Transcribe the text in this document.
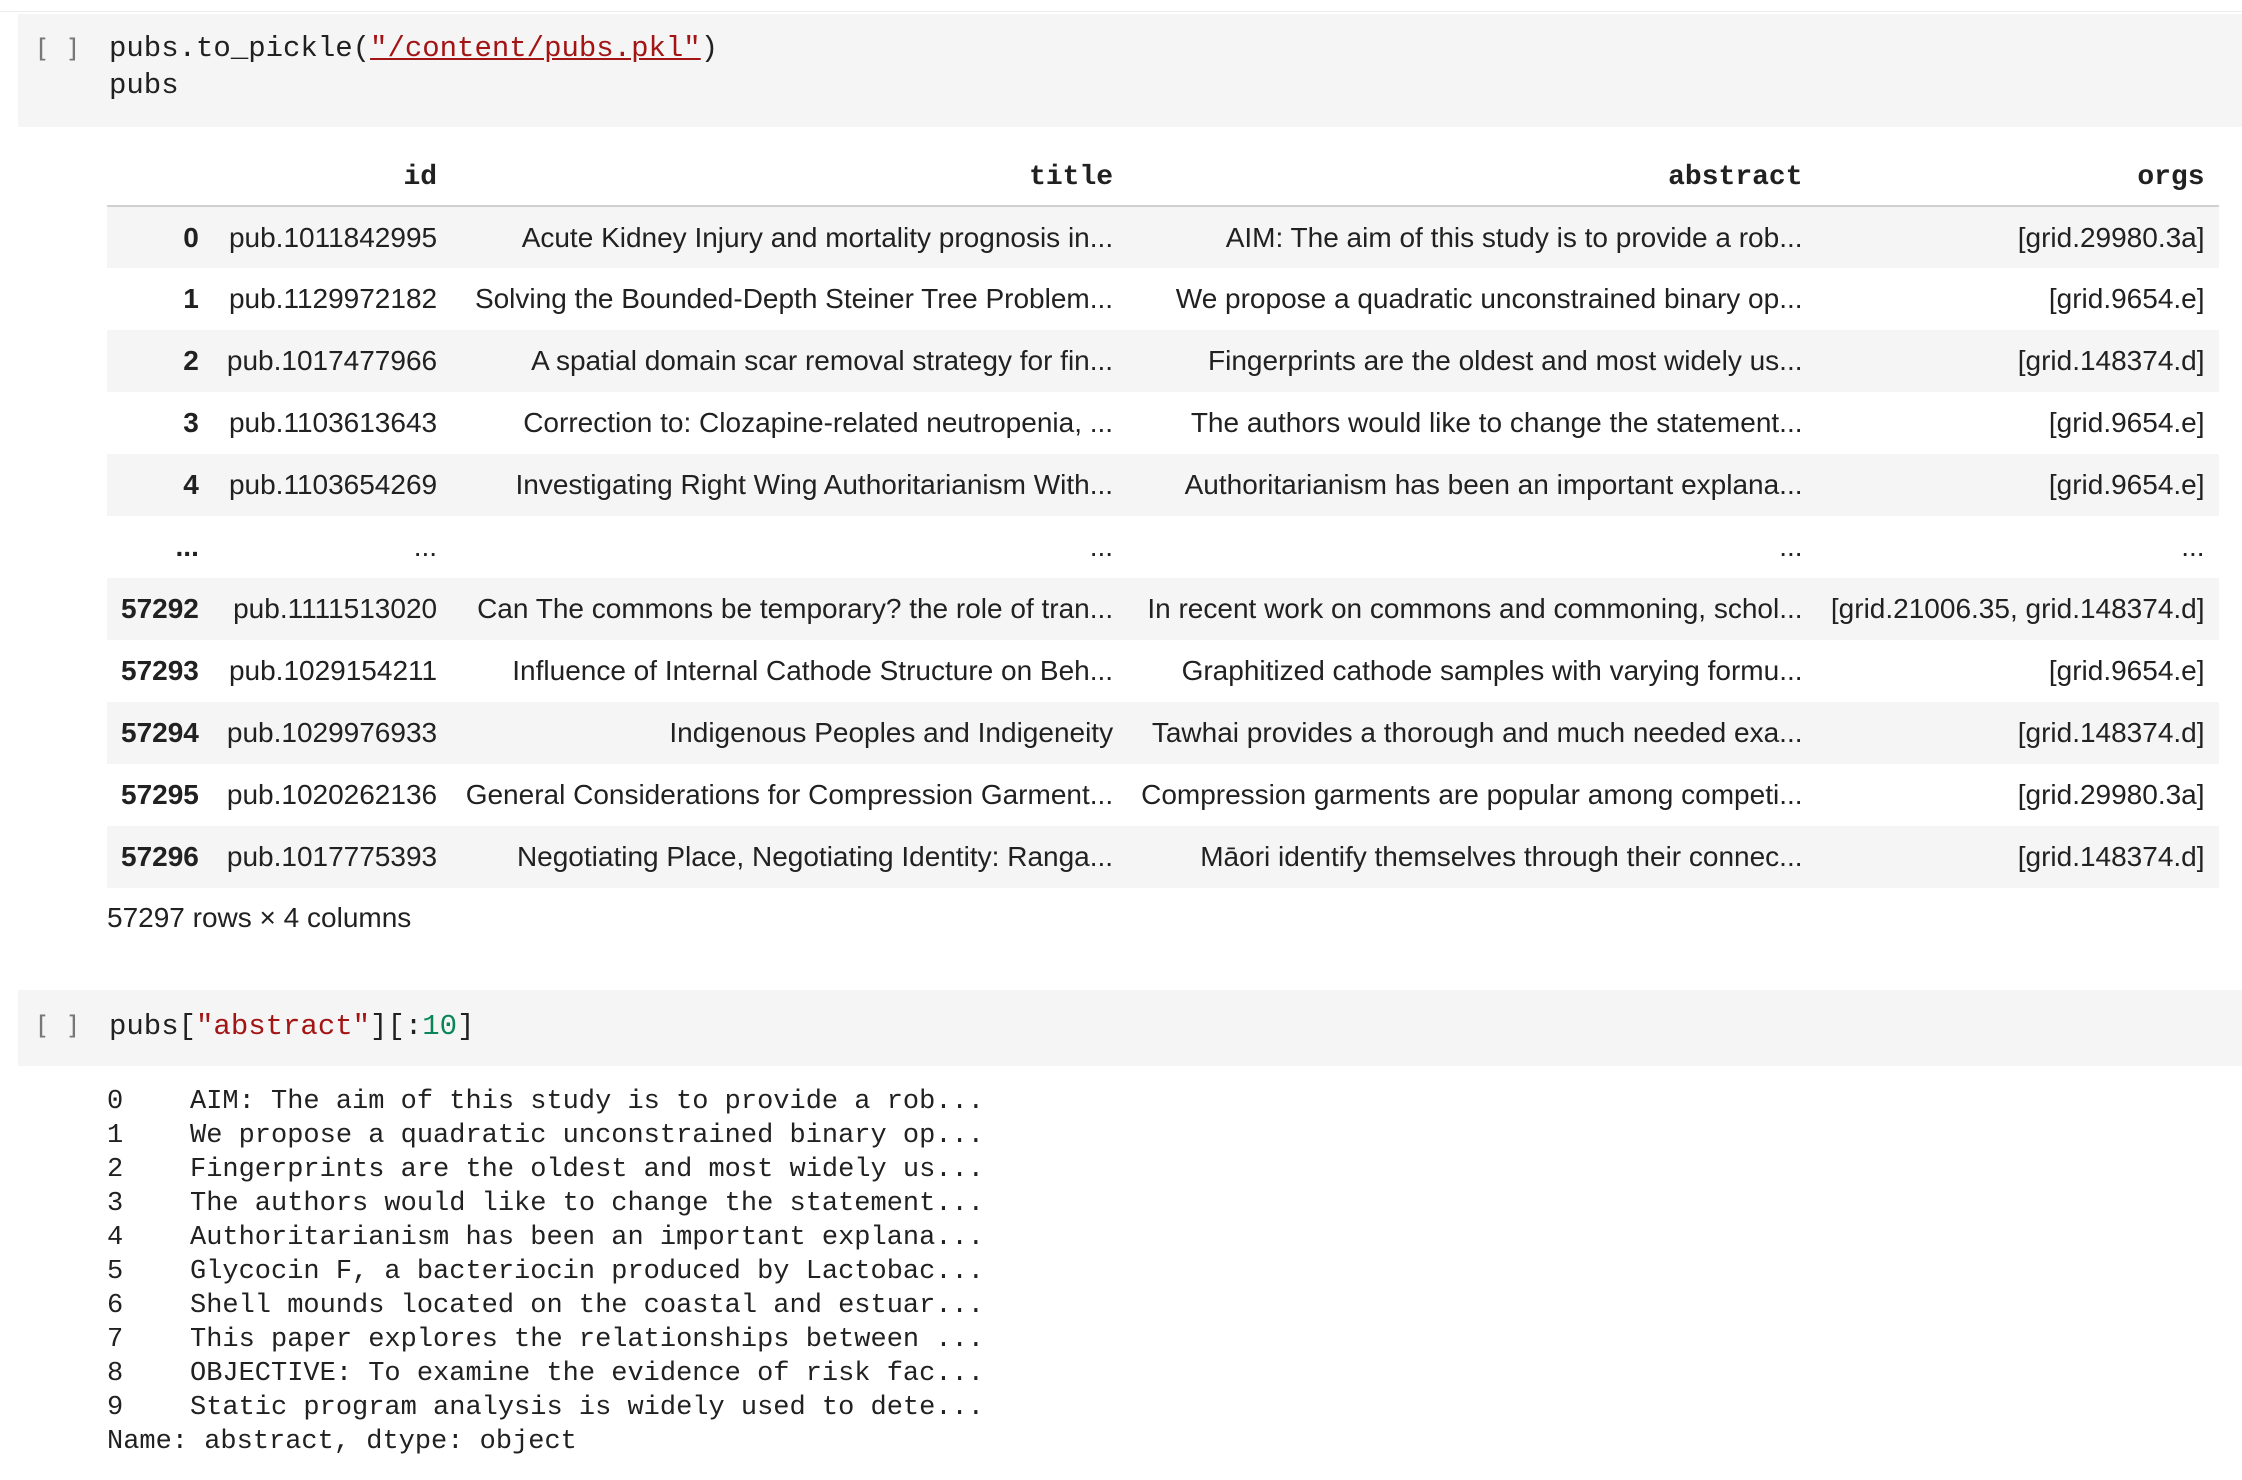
[ ] pubs.to_pickle("/content/pubs.pkl")
pubs
	id	title	abstract	orgs
0	pub.1011842995	Acute Kidney Injury and mortality prognosis in...	AIM: The aim of this study is to provide a rob...	[grid.29980.3a]
1	pub.1129972182	Solving the Bounded-Depth Steiner Tree Problem...	We propose a quadratic unconstrained binary op...	[grid.9654.e]
2	pub.1017477966	A spatial domain scar removal strategy for fin...	Fingerprints are the oldest and most widely us...	[grid.148374.d]
3	pub.1103613643	Correction to: Clozapine-related neutropenia, ...	The authors would like to change the statement...	[grid.9654.e]
4	pub.1103654269	Investigating Right Wing Authoritarianism With...	Authoritarianism has been an important explana...	[grid.9654.e]
...	...	...	...	...
57292	pub.1111513020	Can The commons be temporary? the role of tran...	In recent work on commons and commoning, schol...	[grid.21006.35, grid.148374.d]
57293	pub.1029154211	Influence of Internal Cathode Structure on Beh...	Graphitized cathode samples with varying formu...	[grid.9654.e]
57294	pub.1029976933	Indigenous Peoples and Indigeneity	Tawhai provides a thorough and much needed exa...	[grid.148374.d]
57295	pub.1020262136	General Considerations for Compression Garment...	Compression garments are popular among competi...	[grid.29980.3a]
57296	pub.1017775393	Negotiating Place, Negotiating Identity: Ranga...	Māori identify themselves through their connec...	[grid.148374.d]
57297 rows × 4 columns
[ ] pubs["abstract"][:10]
0 AIM: The aim of this study is to provide a rob...
1 We propose a quadratic unconstrained binary op...
2 Fingerprints are the oldest and most widely us...
3 The authors would like to change the statement...
4 Authoritarianism has been an important explana...
5 Glycocin F, a bacteriocin produced by Lactobac...
6 Shell mounds located on the coastal and estuar...
7 This paper explores the relationships between ...
8 OBJECTIVE: To examine the evidence of risk fac...
9 Static program analysis is widely used to dete...
Name: abstract, dtype: object
